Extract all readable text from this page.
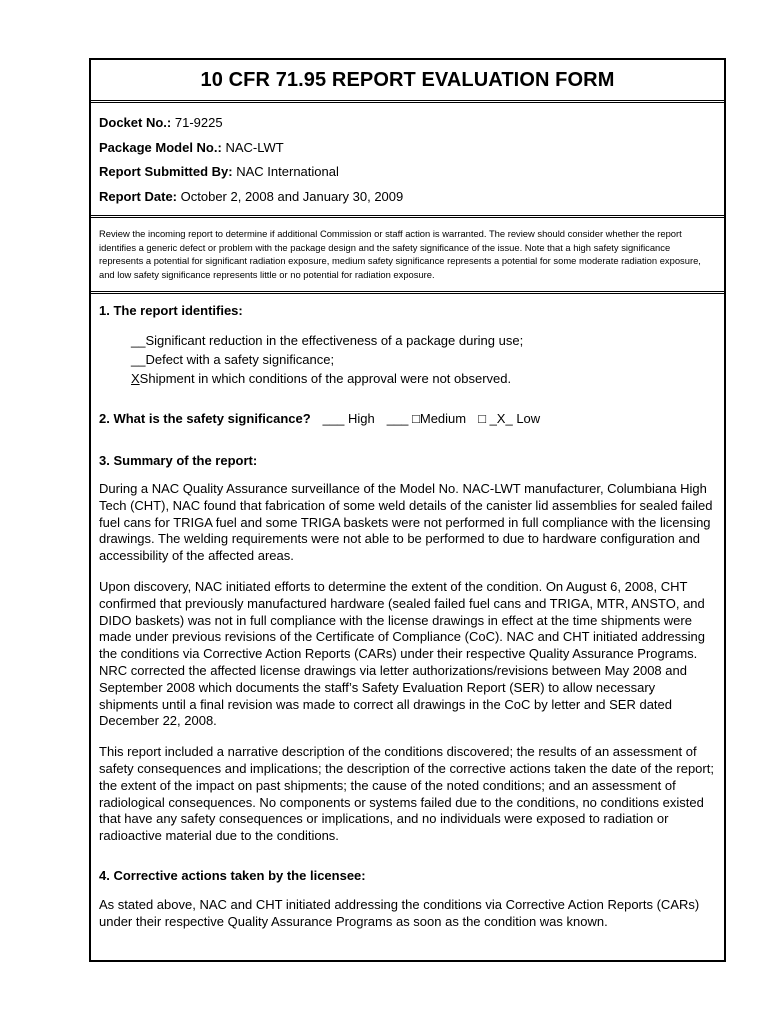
10 CFR 71.95 REPORT EVALUATION FORM
Docket No.: 71-9225
Package Model No.: NAC-LWT
Report Submitted By: NAC International
Report Date: October 2, 2008 and January 30, 2009
Review the incoming report to determine if additional Commission or staff action is warranted. The review should consider whether the report identifies a generic defect or problem with the package design and the safety significance of the issue. Note that a high safety significance represents a potential for significant radiation exposure, medium safety significance represents a potential for some moderate radiation exposure, and low safety significance represents little or no potential for radiation exposure.
1. The report identifies:
__Significant reduction in the effectiveness of a package during use;
__Defect with a safety significance;
XShipment in which conditions of the approval were not observed.
2. What is the safety significance? ___ High ___ □Medium □ _X_ Low
3. Summary of the report:
During a NAC Quality Assurance surveillance of the Model No. NAC-LWT manufacturer, Columbiana High Tech (CHT), NAC found that fabrication of some weld details of the canister lid assemblies for sealed failed fuel cans for TRIGA fuel and some TRIGA baskets were not performed in full compliance with the licensing drawings. The welding requirements were not able to be performed to due to hardware configuration and accessibility of the affected areas.
Upon discovery, NAC initiated efforts to determine the extent of the condition. On August 6, 2008, CHT confirmed that previously manufactured hardware (sealed failed fuel cans and TRIGA, MTR, ANSTO, and DIDO baskets) was not in full compliance with the license drawings in effect at the time shipments were made under previous revisions of the Certificate of Compliance (CoC). NAC and CHT initiated addressing the conditions via Corrective Action Reports (CARs) under their respective Quality Assurance Programs. NRC corrected the affected license drawings via letter authorizations/revisions between May 2008 and September 2008 which documents the staff’s Safety Evaluation Report (SER) to allow necessary shipments until a final revision was made to correct all drawings in the CoC by letter and SER dated December 22, 2008.
This report included a narrative description of the conditions discovered; the results of an assessment of safety consequences and implications; the description of the corrective actions taken the date of the report; the extent of the impact on past shipments; the cause of the noted conditions; and an assessment of radiological consequences. No components or systems failed due to the conditions, no conditions existed that have any safety consequences or implications, and no individuals were exposed to radiation or radioactive material due to the conditions.
4. Corrective actions taken by the licensee:
As stated above, NAC and CHT initiated addressing the conditions via Corrective Action Reports (CARs) under their respective Quality Assurance Programs as soon as the condition was known.
